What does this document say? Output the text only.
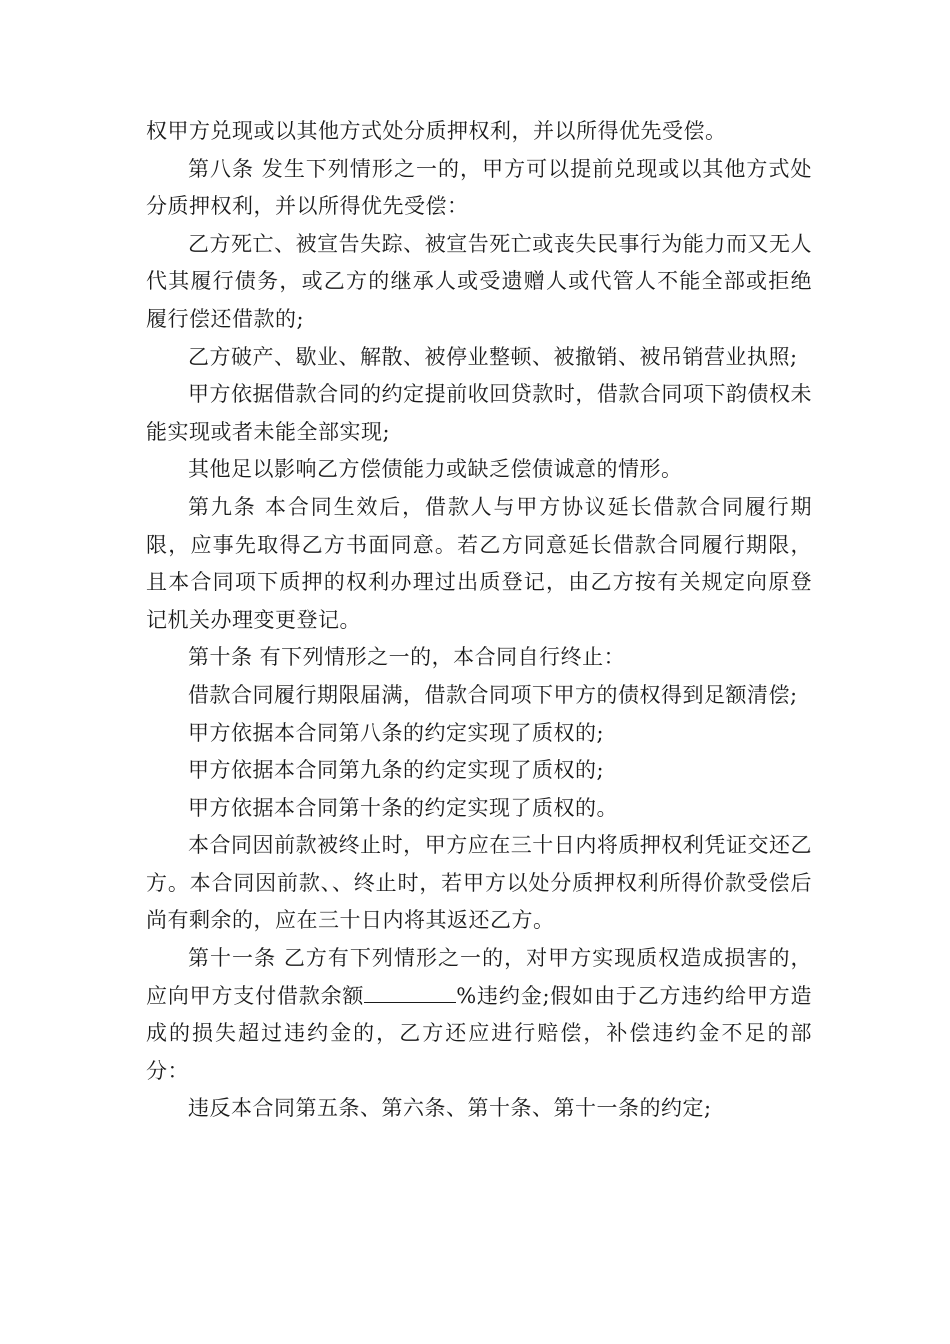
权甲方兑现或以其他方式处分质押权利，并以所得优先受偿。

第八条 发生下列情形之一的，甲方可以提前兑现或以其他方式处分质押权利，并以所得优先受偿：

乙方死亡、被宣告失踪、被宣告死亡或丧失民事行为能力而又无人代其履行债务，或乙方的继承人或受遗赠人或代管人不能全部或拒绝履行偿还借款的;

乙方破产、歇业、解散、被停业整顿、被撤销、被吊销营业执照;

甲方依据借款合同的约定提前收回贷款时，借款合同项下韵债权未能实现或者未能全部实现;

其他足以影响乙方偿债能力或缺乏偿债诚意的情形。

第九条 本合同生效后，借款人与甲方协议延长借款合同履行期限，应事先取得乙方书面同意。若乙方同意延长借款合同履行期限，且本合同项下质押的权利办理过出质登记，由乙方按有关规定向原登记机关办理变更登记。

第十条 有下列情形之一的，本合同自行终止：

借款合同履行期限届满，借款合同项下甲方的债权得到足额清偿;

甲方依据本合同第八条的约定实现了质权的;

甲方依据本合同第九条的约定实现了质权的;

甲方依据本合同第十条的约定实现了质权的。

本合同因前款被终止时，甲方应在三十日内将质押权利凭证交还乙方。本合同因前款、、终止时，若甲方以处分质押权利所得价款受偿后尚有剩余的，应在三十日内将其返还乙方。

第十一条 乙方有下列情形之一的，对甲方实现质权造成损害的，应向甲方支付借款余额	%违约金;假如由于乙方违约给甲方造成的损失超过违约金的，乙方还应进行赔偿，补偿违约金不足的部分：

违反本合同第五条、第六条、第十条、第十一条的约定;
